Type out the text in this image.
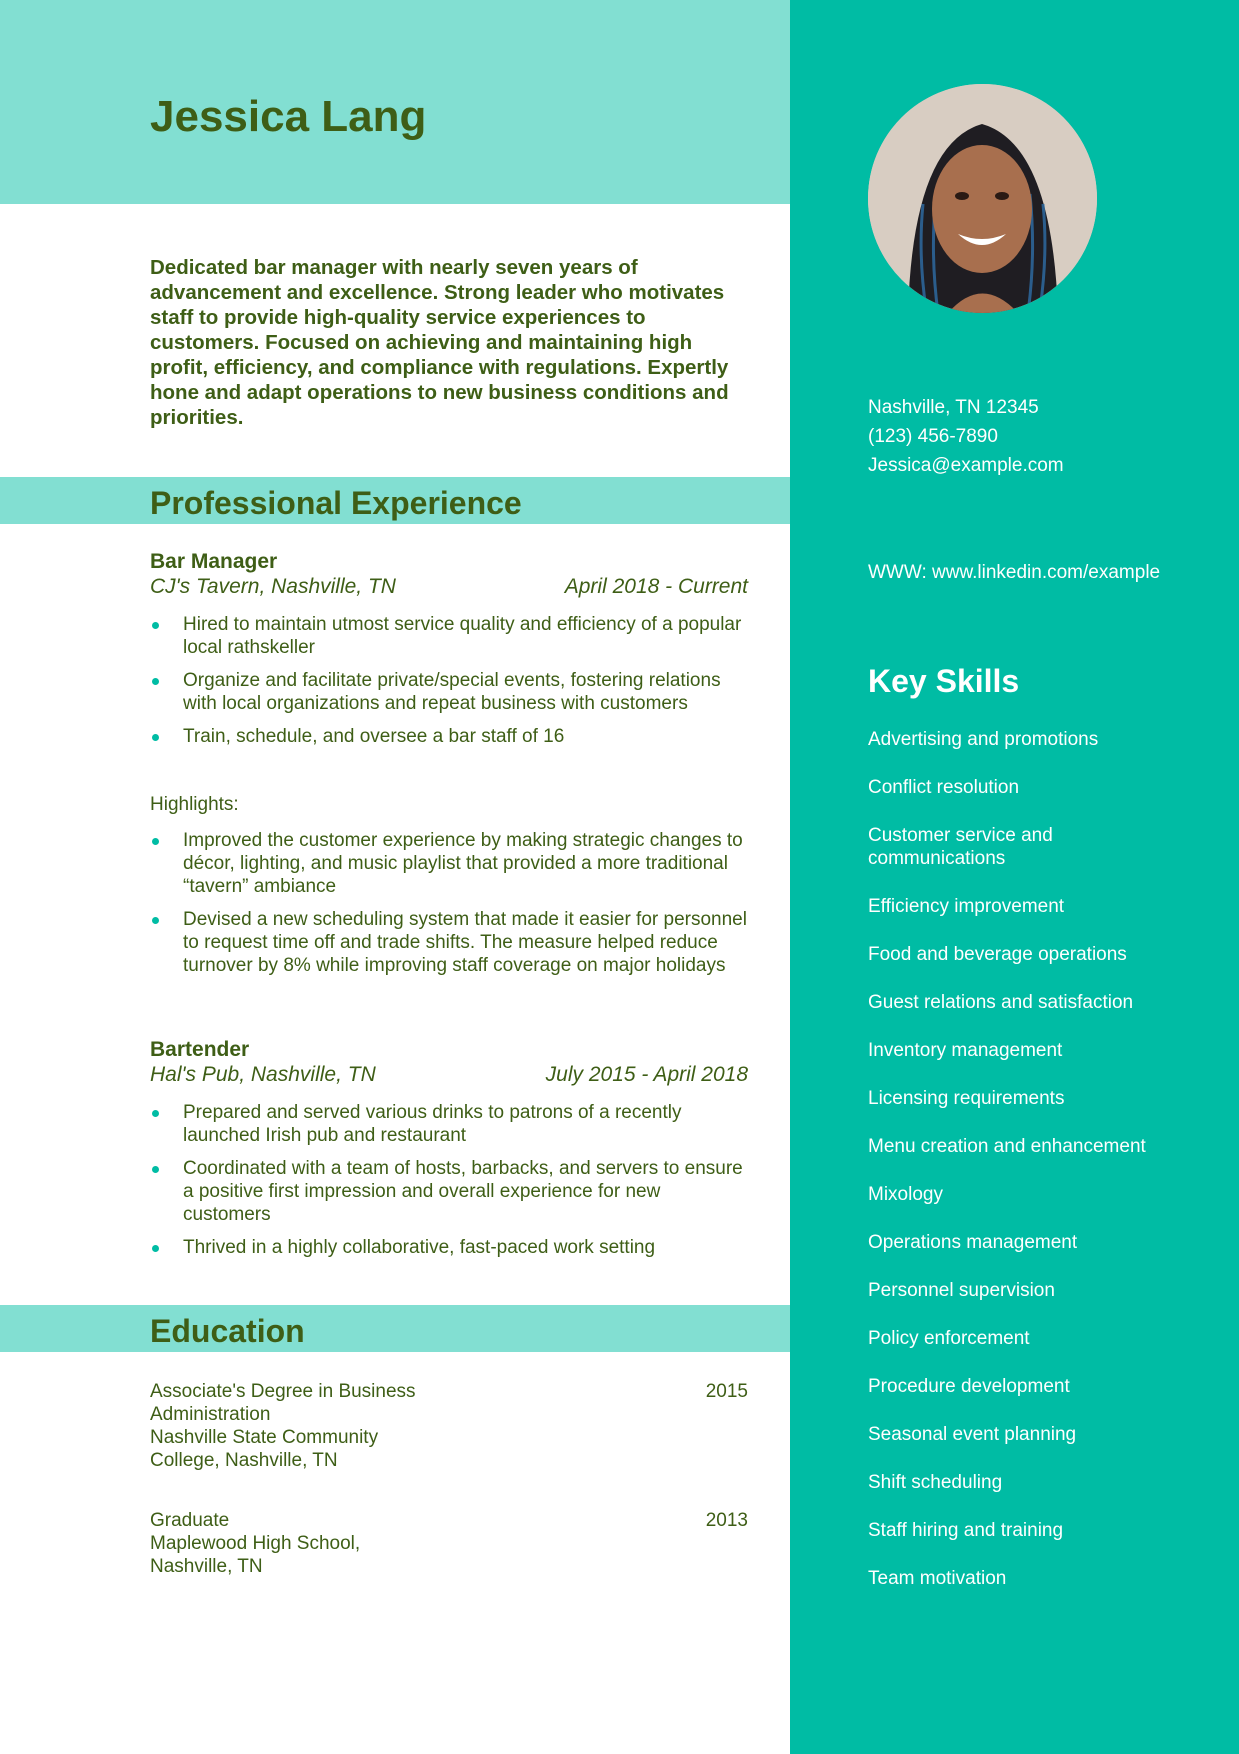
Jessica Lang

Dedicated bar manager with nearly seven years of advancement and excellence. Strong leader who motivates staff to provide high-quality service experiences to customers. Focused on achieving and maintaining high profit, efficiency, and compliance with regulations. Expertly hone and adapt operations to new business conditions and priorities.

Professional Experience
Bar Manager
CJ's Tavern, Nashville, TN	April 2018 - Current
Hired to maintain utmost service quality and efficiency of a popular local rathskeller
Organize and facilitate private/special events, fostering relations with local organizations and repeat business with customers
Train, schedule, and oversee a bar staff of 16
Highlights:
Improved the customer experience by making strategic changes to décor, lighting, and music playlist that provided a more traditional “tavern” ambiance
Devised a new scheduling system that made it easier for personnel to request time off and trade shifts. The measure helped reduce turnover by 8% while improving staff coverage on major holidays
Bartender
Hal's Pub, Nashville, TN	July 2015 - April 2018
Prepared and served various drinks to patrons of a recently launched Irish pub and restaurant
Coordinated with a team of hosts, barbacks, and servers to ensure a positive first impression and overall experience for new customers
Thrived in a highly collaborative, fast-paced work setting
Education
Associate's Degree in Business Administration
Nashville State Community College, Nashville, TN
2015
Graduate
Maplewood High School, Nashville, TN
2013
Nashville, TN 12345
(123) 456-7890
Jessica@example.com
WWW: www.linkedin.com/example
Key Skills
Advertising and promotions
Conflict resolution
Customer service and communications
Efficiency improvement
Food and beverage operations
Guest relations and satisfaction
Inventory management
Licensing requirements
Menu creation and enhancement
Mixology
Operations management
Personnel supervision
Policy enforcement
Procedure development
Seasonal event planning
Shift scheduling
Staff hiring and training
Team motivation
